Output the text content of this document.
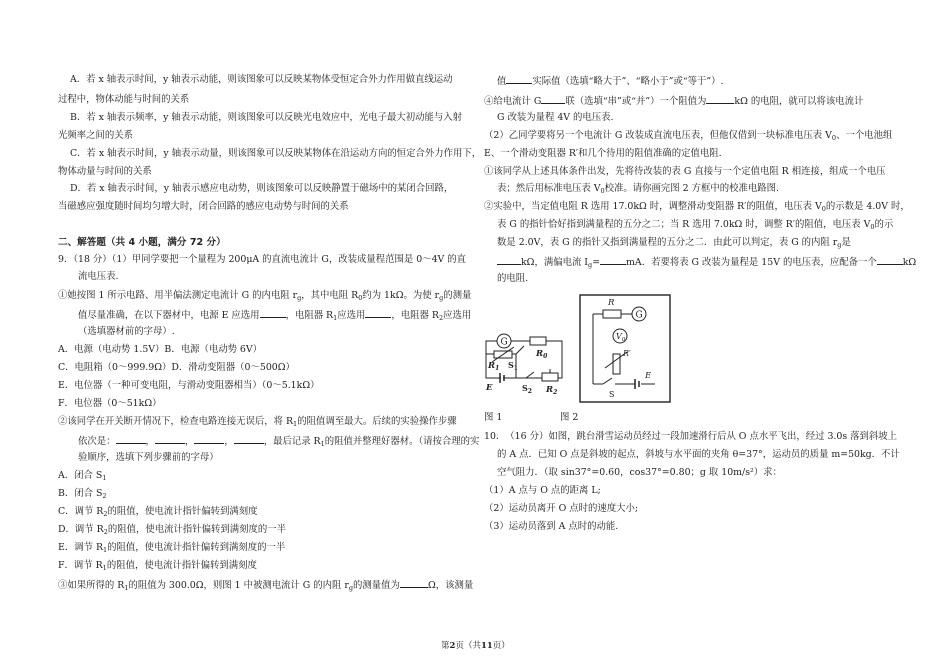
A．若 x 轴表示时间，y 轴表示动能，则该图象可以反映某物体受恒定合外力作用做直线运动
过程中，物体动能与时间的关系
B．若 x 轴表示频率，y 轴表示动能，则该图象可以反映光电效应中，光电子最大初动能与入射
光频率之间的关系
C．若 x 轴表示时间，y 轴表示动量，则该图象可以反映某物体在沿运动方向的恒定合外力作用下，
物体动量与时间的关系
D．若 x 轴表示时间，y 轴表示感应电动势，则该图象可以反映静置于磁场中的某闭合回路，
当磁感应强度随时间均匀增大时，闭合回路的感应电动势与时间的关系
二、解答题（共 4 小题，满分 72 分）
9．（18 分）（1）甲同学要把一个量程为 200μA 的直流电流计 G，改装成量程范围是 0～4V 的直
流电压表.
①她按图 1 所示电路、用半偏法测定电流计 G 的内电阻 $r_g$，其中电阻 $R_0$约为 1kΩ。为使 $r_g$的测量
值尽量准确，在以下器材中，电源 E 应选用	，电阻器 $R_1$应选用	，电阻器 $R_2$应选用
（选填器材前的字母）.
A．电源（电动势 1.5V）B．电源（电动势 6V）
C．电阻箱（0～999.9Ω）D．滑动变阻器（0～500Ω）
E．电位器（一种可变电阻，与滑动变阻器相当）（0～5.1kΩ）
F．电位器（0～51kΩ）
②该同学在开关断开情况下，检查电路连接无误后，将 $R_1$的阻值调至最大。后续的实验操作步骤
依次是：	，	，	，	，最后记录 $R_1$的阻值并整理好器材。（请按合理的实
验顺序，选填下列步骤前的字母）
A．闭合 $S_1$
B．闭合 $S_2$
C．调节 $R_2$的阻值，使电流计指针偏转到满刻度
D．调节 $R_2$的阻值，使电流计指针偏转到满刻度的一半
E．调节 $R_1$的阻值，使电流计指针偏转到满刻度的一半
F．调节 $R_1$的阻值，使电流计指针偏转到满刻度
③如果所得的 $R_1$的阻值为 300.0Ω，则图 1 中被测电流计 G 的内阻 $r_g$的测量值为	Ω，该测量
值	实际值（选填“略大于”、“略小于”或“等于”）.
④给电流计 G	联（选填“串”或“并”）一个阻值为	kΩ 的电阻，就可以将该电流计
G 改装为量程 4V 的电压表.
（2）乙同学要将另一个电流计 G 改装成直流电压表，但他仅借到一块标准电压表 $V_0$、一个电池组
E、一个滑动变阻器 R′和几个待用的阻值准确的定值电阻.
①该同学从上述具体条件出发，先将待改装的表 G 直接与一个定值电阻 R 相连接，组成一个电压
表；然后用标准电压表 $V_0$校准。请你画完图 2 方框中的校准电路图.
②实验中，当定值电阻 R 选用 17.0kΩ 时，调整滑动变阻器 R′的阻值，电压表 $V_0$的示数是 4.0V 时，
表 G 的指针恰好指到满量程的五分之二；当 R 选用 7.0kΩ 时，调整 R′的阻值，电压表 $V_0$的示
数是 2.0V，表 G 的指针又指到满量程的五分之二．由此可以判定，表 G 的内阻 $r_g$是
kΩ，满偏电流 $I_g=$	mA．若要将表 G 改装为量程是 15V 的电压表，应配备一个	kΩ
的电阻.
G
$R_0$
$R_1$ $S_1$
E	$S_2$ $R_2$
R
G
$V_0$
R′
S
E
图 1	图 2
10．　（16 分）如图，跳台滑雪运动员经过一段加速滑行后从 O 点水平飞出，经过 3.0s 落到斜坡上
的 A 点．已知 O 点是斜坡的起点，斜坡与水平面的夹角 θ=37°，运动员的质量 m=50kg．不计
空气阻力．（取 sin37°=0.60，cos37°=0.80；g 取 10m/s²）求：
（1）A 点与 O 点的距离 L;
（2）运动员离开 O 点时的速度大小;
（3）运动员落到 A 点时的动能.
第2页（共11页）
